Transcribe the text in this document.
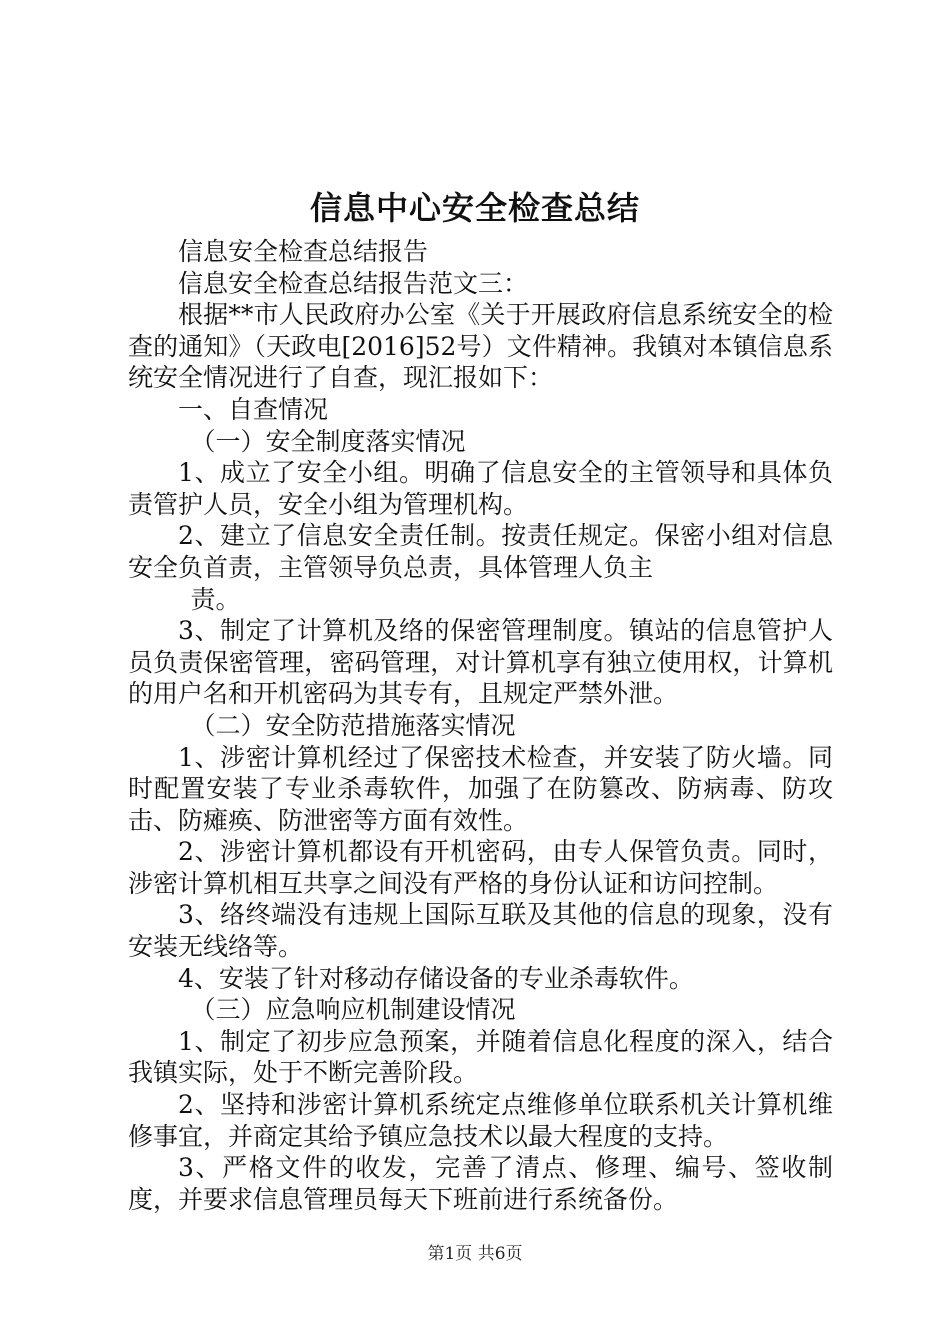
信息中心安全检查总结

信息安全检查总结报告

信息安全检查总结报告范文三：

根据**市人民政府办公室《关于开展政府信息系统安全的检查的通知》（天政电[2016]52号）文件精神。我镇对本镇信息系统安全情况进行了自查，现汇报如下：

一、自查情况

（一）安全制度落实情况

1、成立了安全小组。明确了信息安全的主管领导和具体负责管护人员，安全小组为管理机构。

2、建立了信息安全责任制。按责任规定。保密小组对信息安全负首责，主管领导负总责，具体管理人负主

责。

3、制定了计算机及络的保密管理制度。镇站的信息管护人员负责保密管理，密码管理，对计算机享有独立使用权，计算机的用户名和开机密码为其专有，且规定严禁外泄。

（二）安全防范措施落实情况

1、涉密计算机经过了保密技术检查，并安装了防火墙。同时配置安装了专业杀毒软件，加强了在防篡改、防病毒、防攻击、防瘫痪、防泄密等方面有效性。

2、涉密计算机都设有开机密码，由专人保管负责。同时，涉密计算机相互共享之间没有严格的身份认证和访问控制。

3、络终端没有违规上国际互联及其他的信息的现象，没有安装无线络等。

4、安装了针对移动存储设备的专业杀毒软件。

（三）应急响应机制建设情况

1、制定了初步应急预案，并随着信息化程度的深入，结合我镇实际，处于不断完善阶段。

2、坚持和涉密计算机系统定点维修单位联系机关计算机维修事宜，并商定其给予镇应急技术以最大程度的支持。

3、严格文件的收发，完善了清点、修理、编号、签收制度，并要求信息管理员每天下班前进行系统备份。

第1页 共6页
